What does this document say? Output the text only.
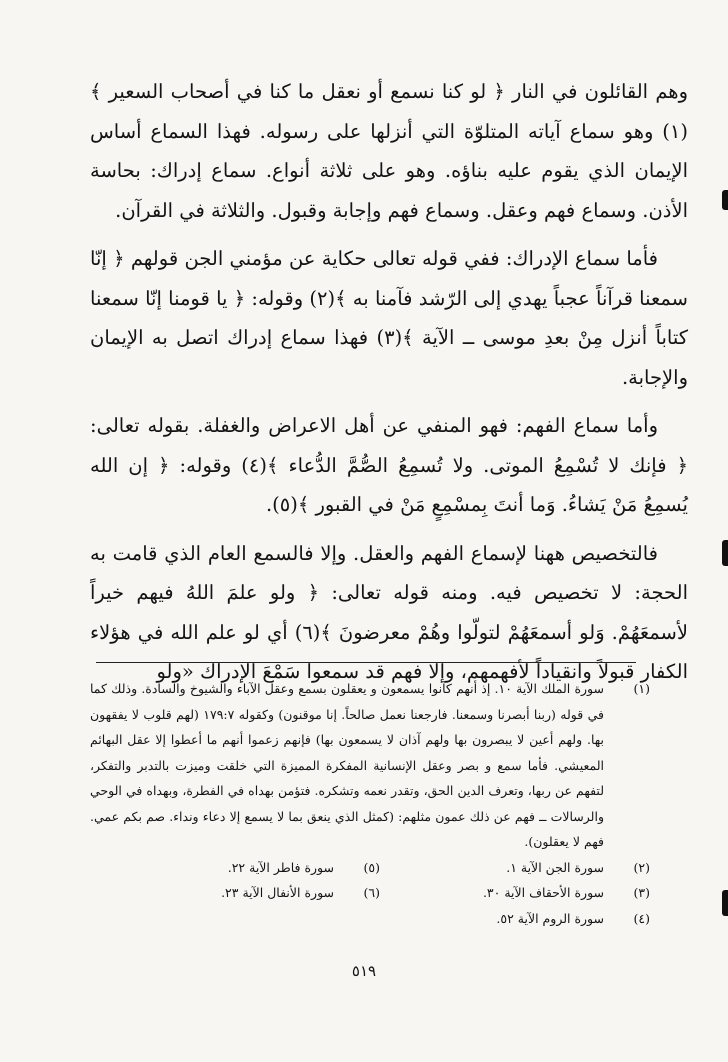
وهم القائلون في النار ﴿ لو كنا نسمع أو نعقل ما كنا في أصحاب السعير ﴾(١) وهو سماع آياته المتلوّة التي أنزلها على رسوله. فهذا السماع أساس الإيمان الذي يقوم عليه بناؤه. وهو على ثلاثة أنواع. سماع إدراك: بحاسة الأذن. وسماع فهم وعقل. وسماع فهم وإجابة وقبول. والثلاثة في القرآن.

فأما سماع الإدراك: ففي قوله تعالى حكاية عن مؤمني الجن قولهم ﴿ إنّا سمعنا قرآناً عجباً يهدي إلى الرّشد فآمنا به ﴾(٢) وقوله: ﴿ يا قومنا إنّا سمعنا كتاباً أنزل مِنْ بعدِ موسى ــ الآية ﴾(٣) فهذا سماع إدراك اتصل به الإيمان والإجابة.

وأما سماع الفهم: فهو المنفي عن أهل الاعراض والغفلة. بقوله تعالى: ﴿ فإنك لا تُسْمِعُ الموتى. ولا تُسمِعُ الصُّمَّ الدُّعاء ﴾(٤) وقوله: ﴿ إن الله يُسمِعُ مَنْ يَشاءُ. وَما أنتَ بِمسْمِعٍ مَنْ في القبور ﴾(٥).

فالتخصيص ههنا لإسماع الفهم والعقل. وإلا فالسمع العام الذي قامت به الحجة: لا تخصيص فيه. ومنه قوله تعالى: ﴿ ولو علمَ اللهُ فيهم خيراً لأسمعَهُمْ. وَلو أسمعَهُمْ لتولّوا وهُمْ معرضونَ ﴾(٦) أي لو علم الله في هؤلاء الكفار قبولاً وانقياداً لأفهمهم، وإلا فهم قد سمعوا سَمْعَ الإدراك «ولو

(١)
سورة الملك الآية ١٠. إذ أنهم كانوا يسمعون و يعقلون بسمع وعقل الآباء والشيوخ والسادة. وذلك كما في قوله (ربنا أبصرنا وسمعنا. فارجعنا نعمل صالحاً. إنا موقنون) وكقوله ١٧٩:٧ (لهم قلوب لا يفقهون بها. ولهم أعين لا يبصرون بها ولهم آذان لا يسمعون بها) فإنهم زعموا أنهم ما أعطوا إلا عقل البهائم المعيشي. فأما سمع و بصر وعقل الإنسانية المفكرة المميزة التي خلقت وميزت بالتدبر والتفكر، لتفهم عن ربها، وتعرف الدين الحق، وتقدر نعمه وتشكره. فتؤمن بهداه في الفطرة، وبهداه في الوحي والرسالات ــ فهم عن ذلك عمون مثلهم: (كمثل الذي ينعق بما لا يسمع إلا دعاء ونداء. صم بكم عمي. فهم لا يعقلون).
(٢)
سورة الجن الآية ١.
(٥)
سورة فاطر الآية ٢٢.
(٣)
سورة الأحقاف الآية ٣٠.
(٦)
سورة الأنفال الآية ٢٣.
(٤)
سورة الروم الآية ٥٢.
٥١٩
